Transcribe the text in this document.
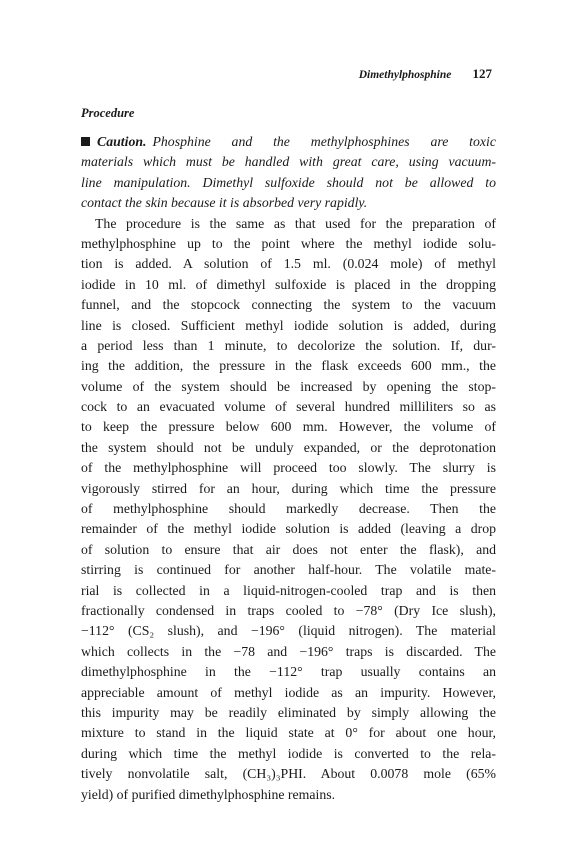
Dimethylphosphine 127
Procedure
Caution. Phosphine and the methylphosphines are toxic
materials which must be handled with great care, using vacuum-
line manipulation. Dimethyl sulfoxide should not be allowed to
contact the skin because it is absorbed very rapidly.
The procedure is the same as that used for the preparation of
methylphosphine up to the point where the methyl iodide solu-
tion is added. A solution of 1.5 ml. (0.024 mole) of methyl
iodide in 10 ml. of dimethyl sulfoxide is placed in the dropping
funnel, and the stopcock connecting the system to the vacuum
line is closed. Sufficient methyl iodide solution is added, during
a period less than 1 minute, to decolorize the solution. If, dur-
ing the addition, the pressure in the flask exceeds 600 mm., the
volume of the system should be increased by opening the stop-
cock to an evacuated volume of several hundred milliliters so as
to keep the pressure below 600 mm. However, the volume of
the system should not be unduly expanded, or the deprotonation
of the methylphosphine will proceed too slowly. The slurry is
vigorously stirred for an hour, during which time the pressure
of methylphosphine should markedly decrease. Then the
remainder of the methyl iodide solution is added (leaving a drop
of solution to ensure that air does not enter the flask), and
stirring is continued for another half-hour. The volatile mate-
rial is collected in a liquid-nitrogen-cooled trap and is then
fractionally condensed in traps cooled to −78° (Dry Ice slush),
−112° (CS₂ slush), and −196° (liquid nitrogen). The material
which collects in the −78 and −196° traps is discarded. The
dimethylphosphine in the −112° trap usually contains an
appreciable amount of methyl iodide as an impurity. However,
this impurity may be readily eliminated by simply allowing the
mixture to stand in the liquid state at 0° for about one hour,
during which time the methyl iodide is converted to the rela-
tively nonvolatile salt, (CH₃)₃PHI. About 0.0078 mole (65%
yield) of purified dimethylphosphine remains.
